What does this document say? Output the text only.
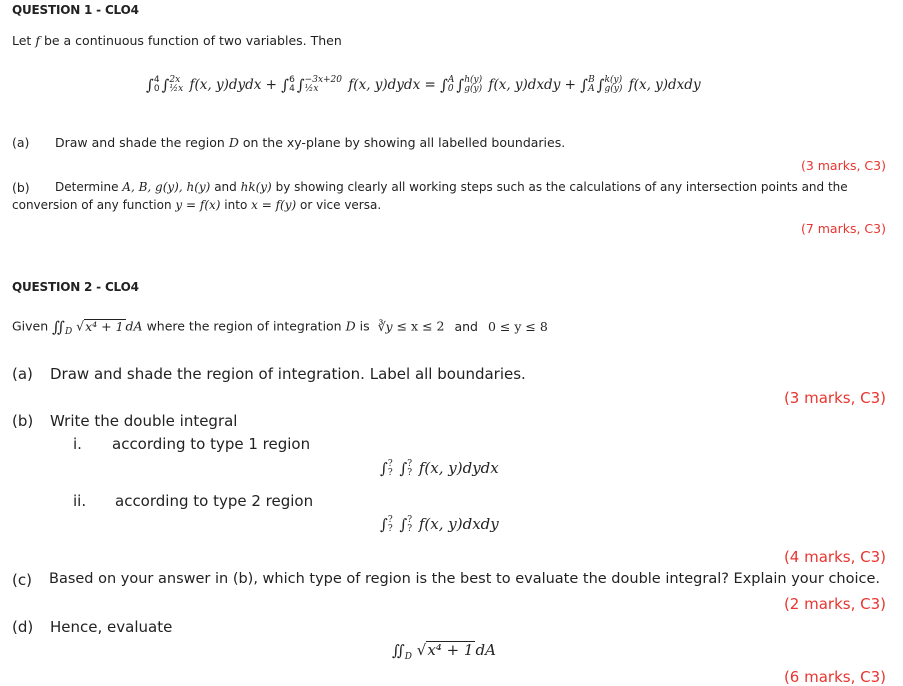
QUESTION 1 - CLO4
Let f be a continuous function of two variables. Then
∫ 4
0 ∫ 2x
½x f(x, y)dydx + ∫ 6
4 ∫ −3x+20
½x	f(x, y)dydx = ∫ A
0 ∫ h(y)
g(y) f(x, y)dxdy + ∫ B
A ∫ k(y)
g(y) f(x, y)dxdy
(a) Draw and shade the region D on the xy-plane by showing all labelled boundaries.
(3 marks, C3)
(b) Determine A, B, g(y), h(y) and hk(y) by showing clearly all working steps such as the calculations of any intersection points and the
conversion of any function y = f(x) into x = f(y) or vice versa.
(7 marks, C3)
QUESTION 2 - CLO4
Given $∬_D$ √x⁴ + 1 dA where the region of integration D is ∛y ≤ x ≤ 2 and 0 ≤ y ≤ 8
(a) Draw and shade the region of integration. Label all boundaries.
(3 marks, C3)
(b) Write the double integral
i. according to type 1 region
∫ ?
? ∫ ?
? f(x, y)dydx
ii. according to type 2 region
∫ ?
? ∫ ?
? f(x, y)dxdy
(4 marks, C3)
(c) Based on your answer in (b), which type of region is the best to evaluate the double integral? Explain your choice.
(2 marks, C3)
(d) Hence, evaluate
$∬_D$ √x⁴ + 1 dA
(6 marks, C3)
